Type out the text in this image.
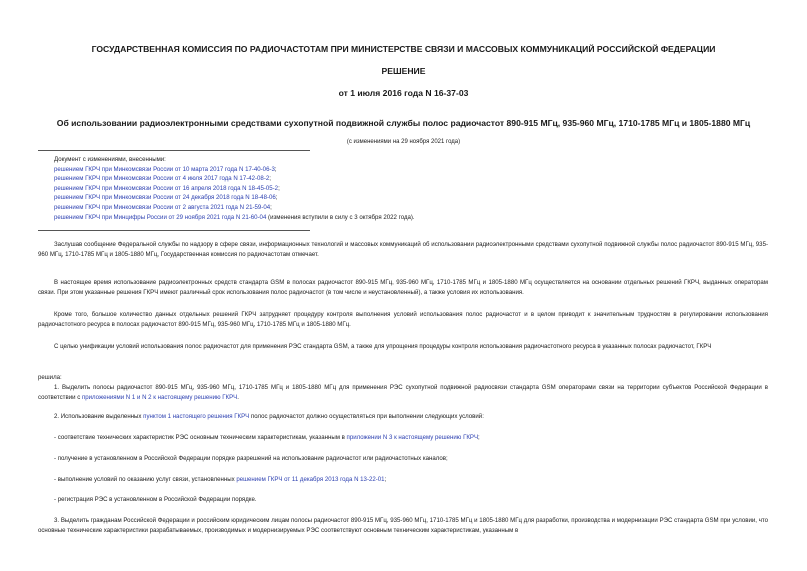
ГОСУДАРСТВЕННАЯ КОМИССИЯ ПО РАДИОЧАСТОТАМ ПРИ МИНИСТЕРСТВЕ СВЯЗИ И МАССОВЫХ КОММУНИКАЦИЙ РОССИЙСКОЙ ФЕДЕРАЦИИ
РЕШЕНИЕ
от 1 июля 2016 года N 16-37-03
Об использовании радиоэлектронными средствами сухопутной подвижной службы полос радиочастот 890-915 МГц, 935-960 МГц, 1710-1785 МГц и 1805-1880 МГц
(с изменениями на 29 ноября 2021 года)
Документ с изменениями, внесенными:
решением ГКРЧ при Минкомсвязи России от 10 марта 2017 года N 17-40-06-3;
решением ГКРЧ при Минкомсвязи России от 4 июля 2017 года N 17-42-08-2;
решением ГКРЧ при Минкомсвязи России от 16 апреля 2018 года N 18-45-05-2;
решением ГКРЧ при Минкомсвязи России от 24 декабря 2018 года N 18-48-06;
решением ГКРЧ при Минкомсвязи России от 2 августа 2021 года N 21-59-04;
решением ГКРЧ при Минцифры России от 29 ноября 2021 года N 21-60-04 (изменения вступили в силу с 3 октября 2022 года).
Заслушав сообщение Федеральной службы по надзору в сфере связи, информационных технологий и массовых коммуникаций об использовании радиоэлектронными средствами сухопутной подвижной службы полос радиочастот 890-915 МГц, 935-960 МГц, 1710-1785 МГц и 1805-1880 МГц, Государственная комиссия по радиочастотам отмечает.
В настоящее время использование радиоэлектронных средств стандарта GSM в полосах радиочастот 890-915 МГц, 935-960 МГц, 1710-1785 МГц и 1805-1880 МГц осуществляется на основании отдельных решений ГКРЧ, выданных операторам связи. При этом указанные решения ГКРЧ имеют различный срок использования полос радиочастот (в том числе и неустановленный), а также условия их использования.
Кроме того, большое количество данных отдельных решений ГКРЧ затрудняет процедуру контроля выполнения условий использования полос радиочастот и в целом приводит к значительным трудностям в регулировании использования радиочастотного ресурса в полосах радиочастот 890-915 МГц, 935-960 МГц, 1710-1785 МГц и 1805-1880 МГц.
С целью унификации условий использования полос радиочастот для применения РЭС стандарта GSM, а также для упрощения процедуры контроля использования радиочастотного ресурса в указанных полосах радиочастот, ГКРЧ
решила:
1. Выделить полосы радиочастот 890-915 МГц, 935-960 МГц, 1710-1785 МГц и 1805-1880 МГц для применения РЭС сухопутной подвижной радиосвязи стандарта GSM операторами связи на территории субъектов Российской Федерации в соответствии с приложениями N 1 и N 2 к настоящему решению ГКРЧ.
2. Использование выделенных пунктом 1 настоящего решения ГКРЧ полос радиочастот должно осуществляться при выполнении следующих условий:
- соответствие технических характеристик РЭС основным техническим характеристикам, указанным в приложении N 3 к настоящему решению ГКРЧ;
- получение в установленном в Российской Федерации порядке разрешений на использование радиочастот или радиочастотных каналов;
- выполнение условий по оказанию услуг связи, установленных решением ГКРЧ от 11 декабря 2013 года N 13-22-01;
- регистрация РЭС в установленном в Российской Федерации порядке.
3. Выделить гражданам Российской Федерации и российским юридическим лицам полосы радиочастот 890-915 МГц, 935-960 МГц, 1710-1785 МГц и 1805-1880 МГц для разработки, производства и модернизации РЭС стандарта GSM при условии, что основные технические характеристики разрабатываемых, производимых и модернизируемых РЭС соответствуют основным техническим характеристикам, указанным в
